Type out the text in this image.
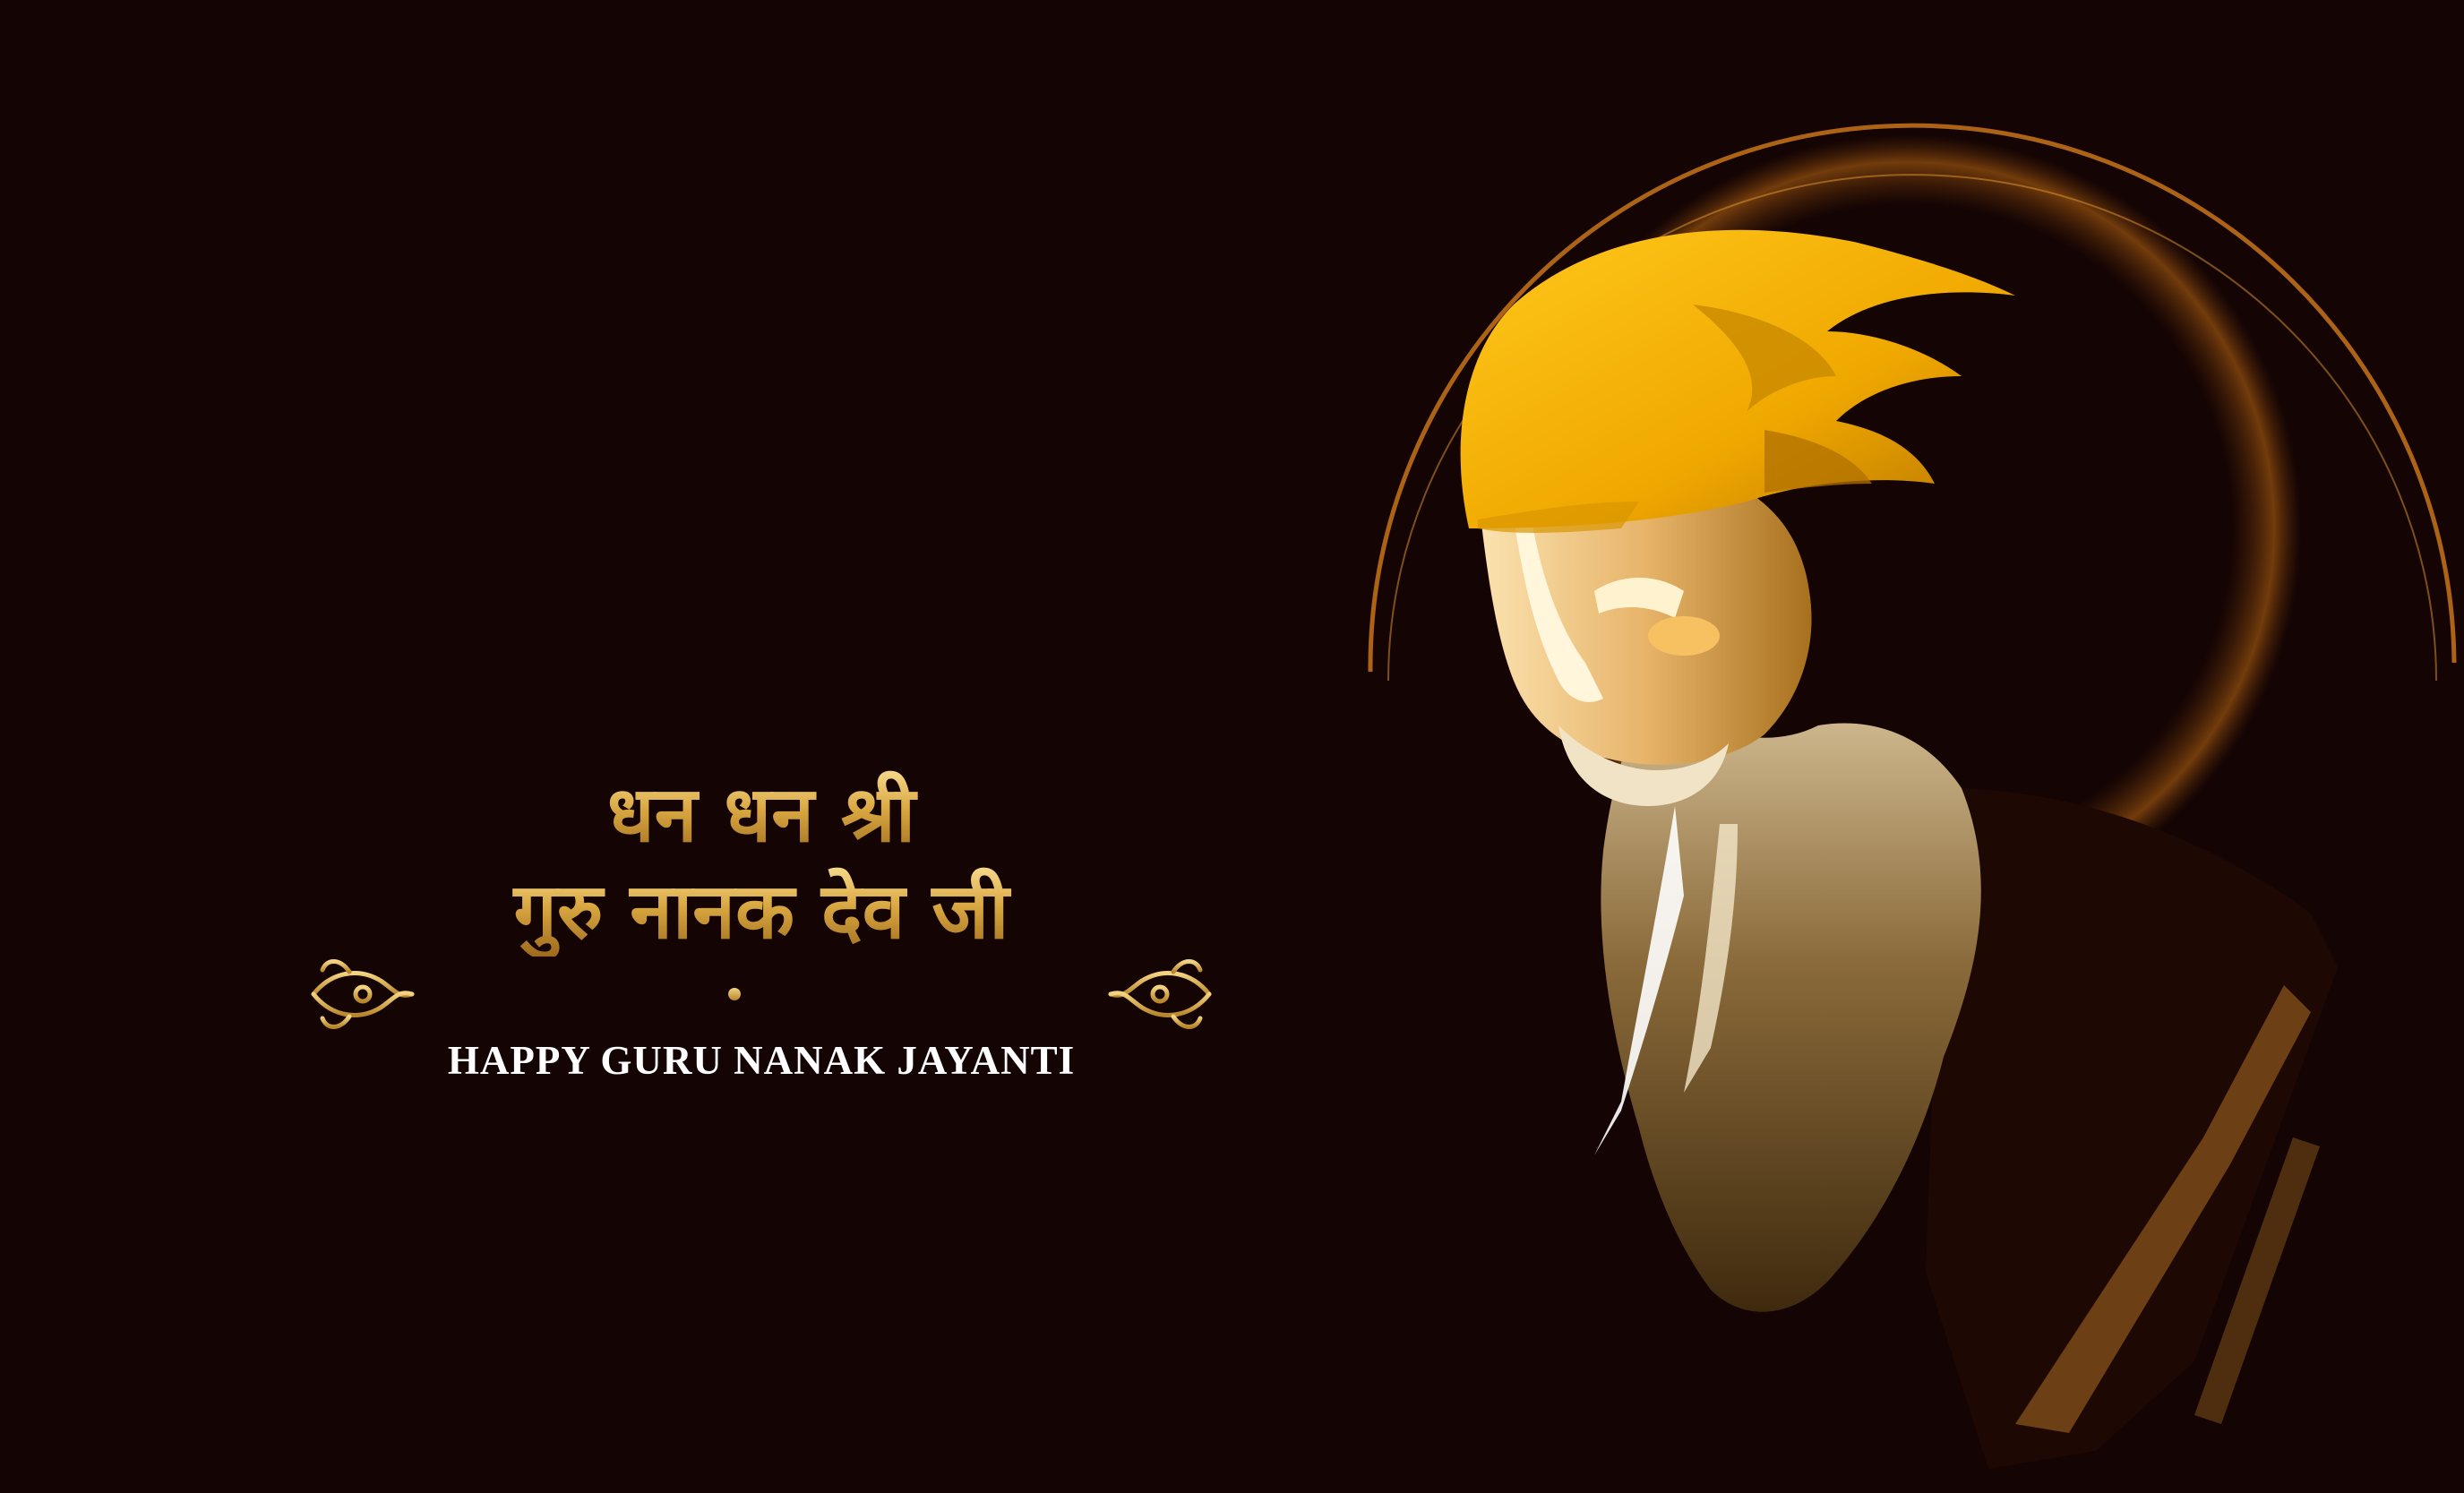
धन धन श्री
गुरु नानक देव जी
HAPPY GURU NANAK JAYANTI
